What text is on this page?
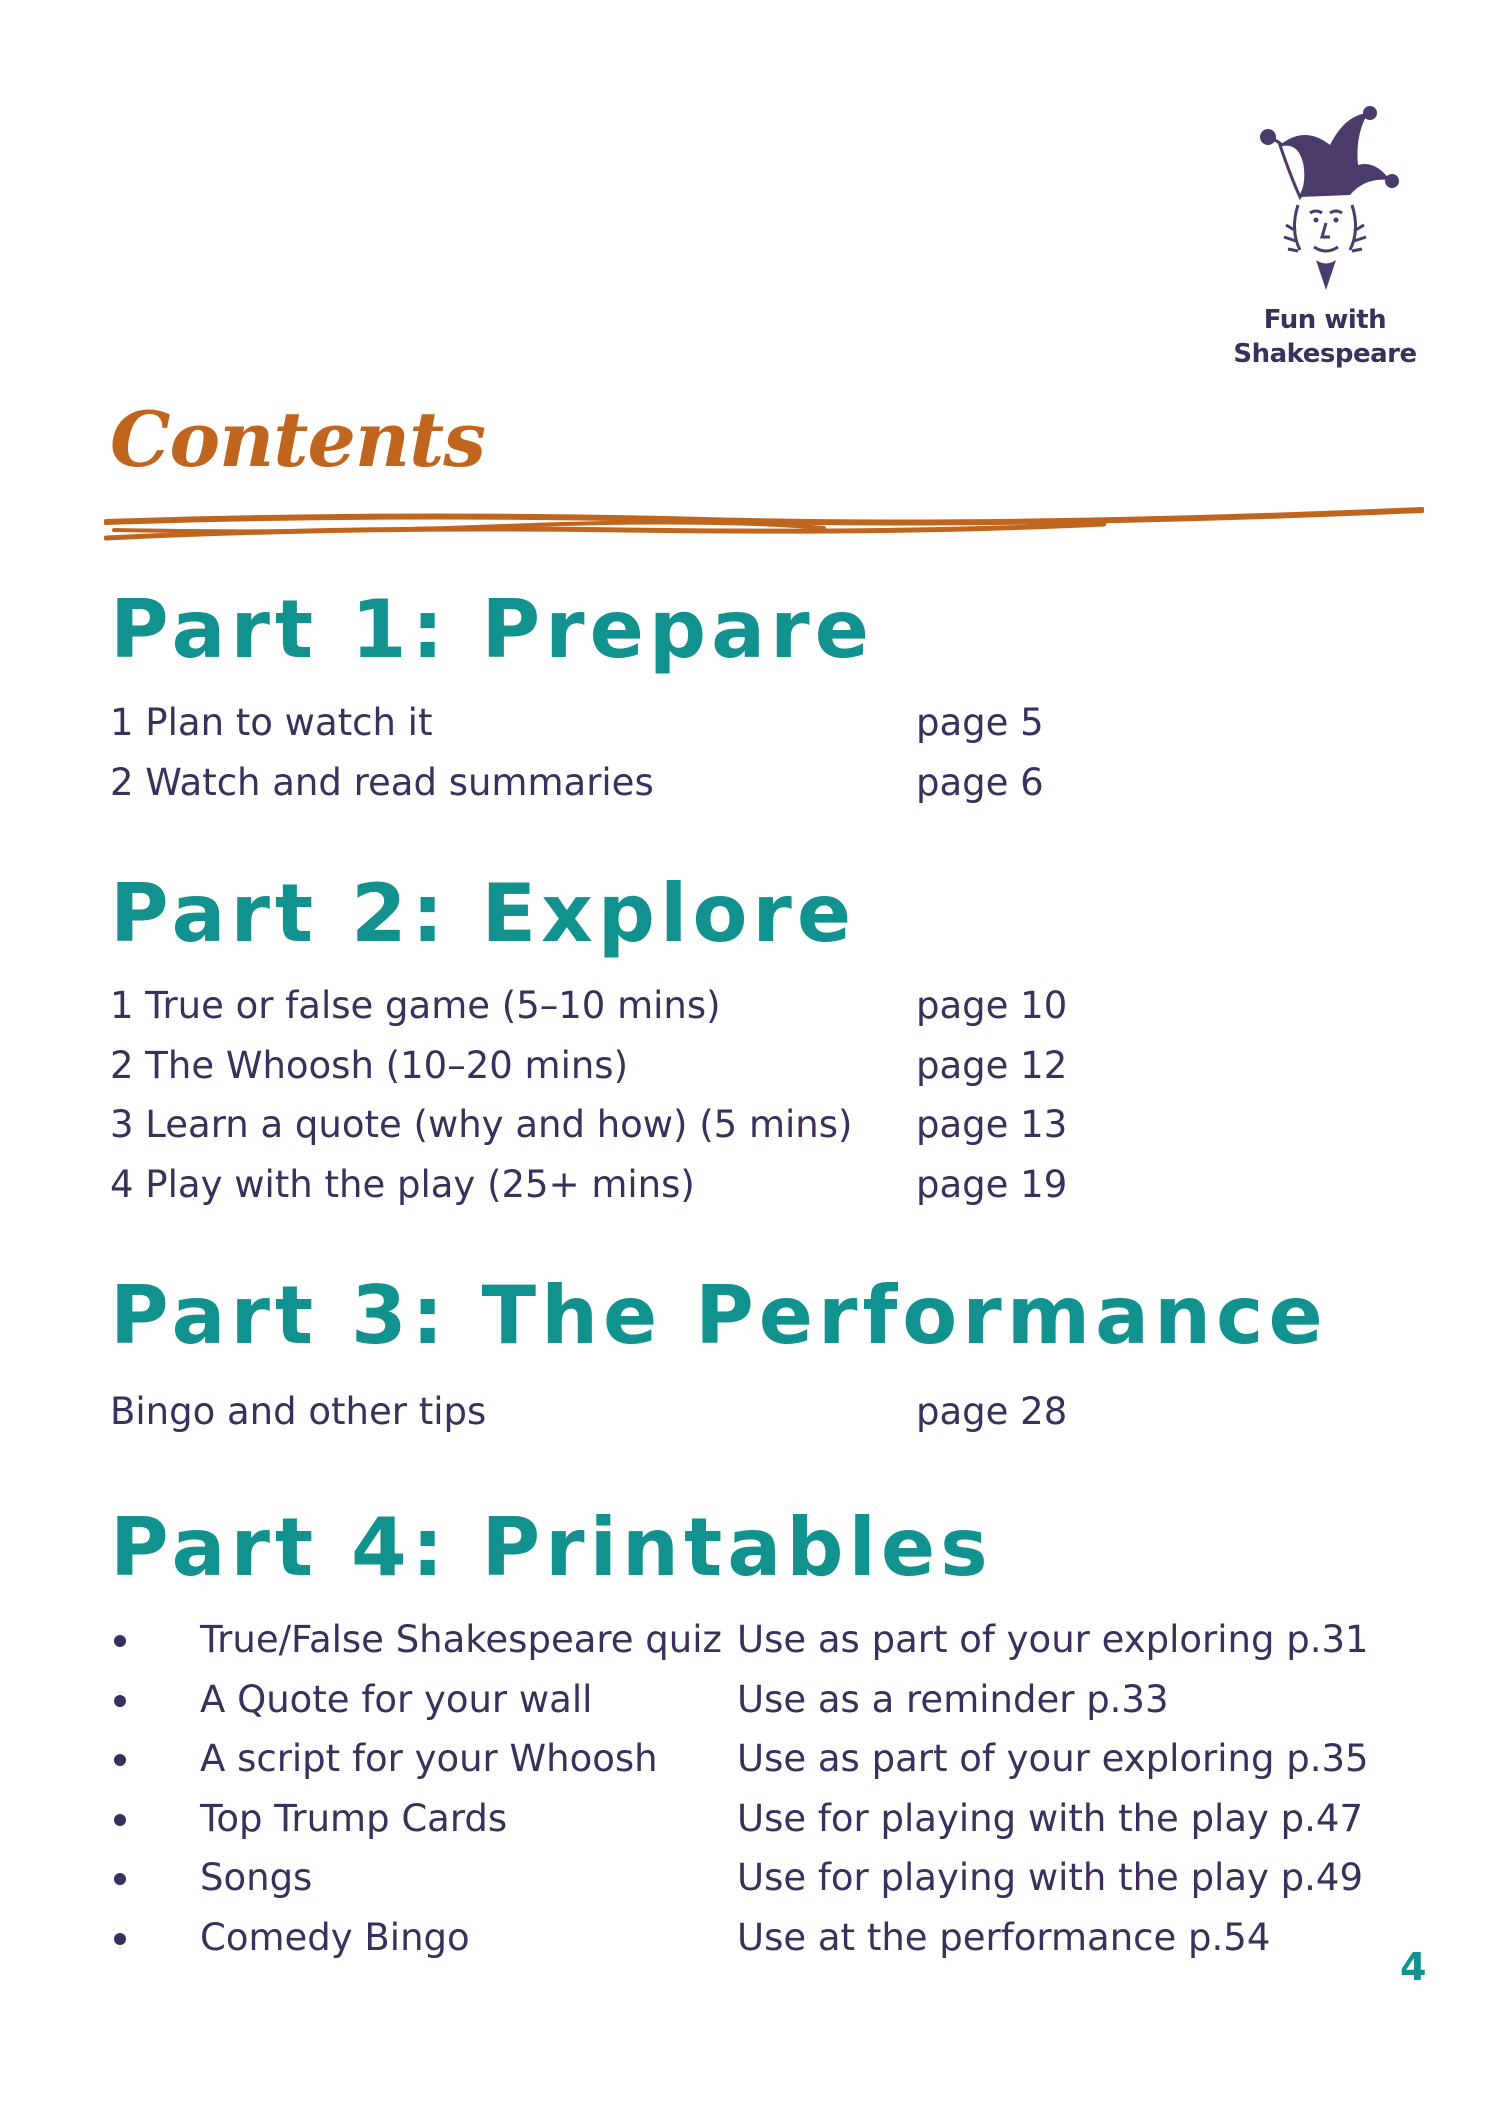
Fun with
Shakespeare
Contents
Part 1: Prepare
1 Plan to watch it	page 5
2 Watch and read summaries	page 6
Part 2: Explore
1 True or false game (5–10 mins)	page 10
2 The Whoosh (10–20 mins)	page 12
3 Learn a quote (why and how) (5 mins) page 13
4 Play with the play (25+ mins)	page 19
Part 3: The Performance
Bingo and other tips	page 28
Part 4: Printables
True/False Shakespeare quiz Use as part of your exploring p.31
A Quote for your wall	Use as a reminder p.33
A script for your Whoosh Use as part of your exploring p.35
Top Trump Cards	Use for playing with the play p.47
Songs	Use for playing with the play p.49
Comedy Bingo	Use at the performance p.54
4
